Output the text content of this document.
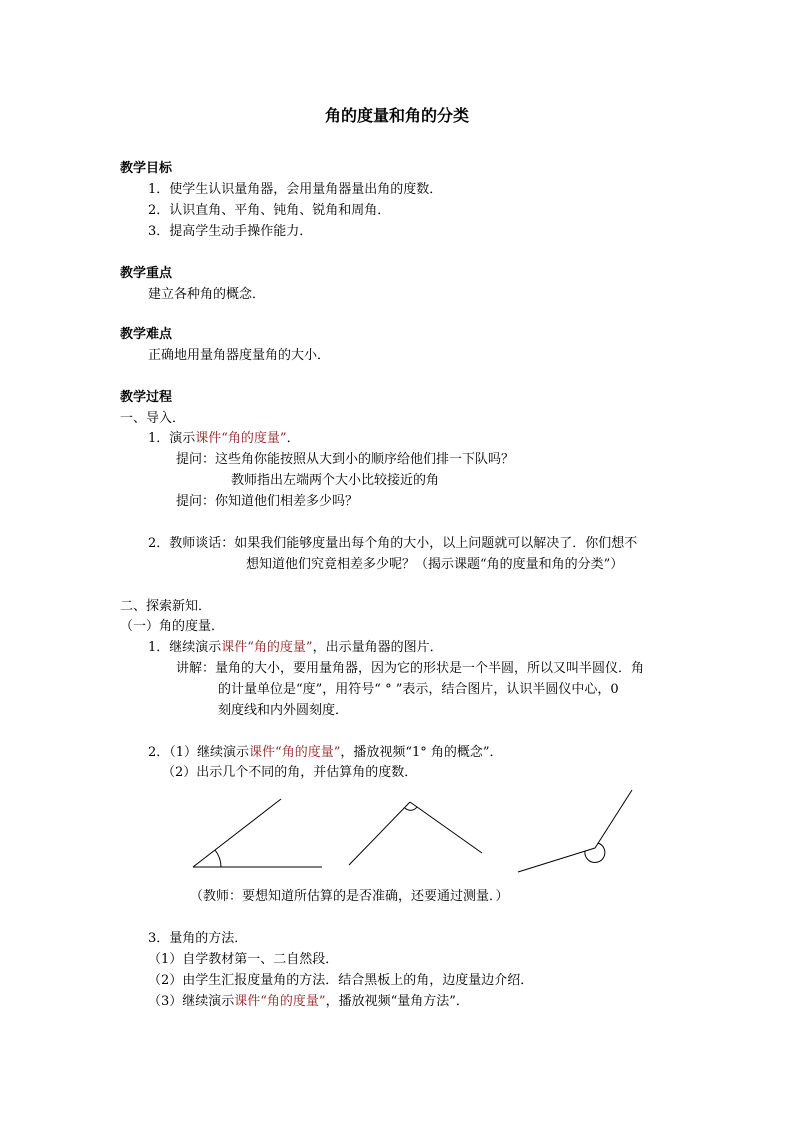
角的度量和角的分类
教学目标
1．使学生认识量角器，会用量角器量出角的度数．
2．认识直角、平角、钝角、锐角和周角．
3．提高学生动手操作能力．
教学重点
建立各种角的概念．
教学难点
正确地用量角器度量角的大小．
教学过程
一、导入．
1．演示课件“角的度量”．
提问：这些角你能按照从大到小的顺序给他们排一下队吗？
教师指出左端两个大小比较接近的角
提问：你知道他们相差多少吗？
2．教师谈话：如果我们能够度量出每个角的大小，以上问题就可以解决了．你们想不
想知道他们究竟相差多少呢？（揭示课题“角的度量和角的分类”）
二、探索新知．
（一）角的度量．
1．继续演示课件“角的度量”，出示量角器的图片．
讲解：量角的大小，要用量角器，因为它的形状是一个半圆，所以又叫半圆仪．角
的计量单位是“度”，用符号“ ° ”表示，结合图片，认识半圆仪中心，0
刻度线和内外圆刻度．
2．（1）继续演示课件“角的度量”，播放视频“1° 角的概念”．
（2）出示几个不同的角，并估算角的度数．
（教师：要想知道所估算的是否准确，还要通过测量．）
3．量角的方法．
（1）自学教材第一、二自然段．
（2）由学生汇报度量角的方法．结合黑板上的角，边度量边介绍．
（3）继续演示课件“角的度量”，播放视频“量角方法”．
